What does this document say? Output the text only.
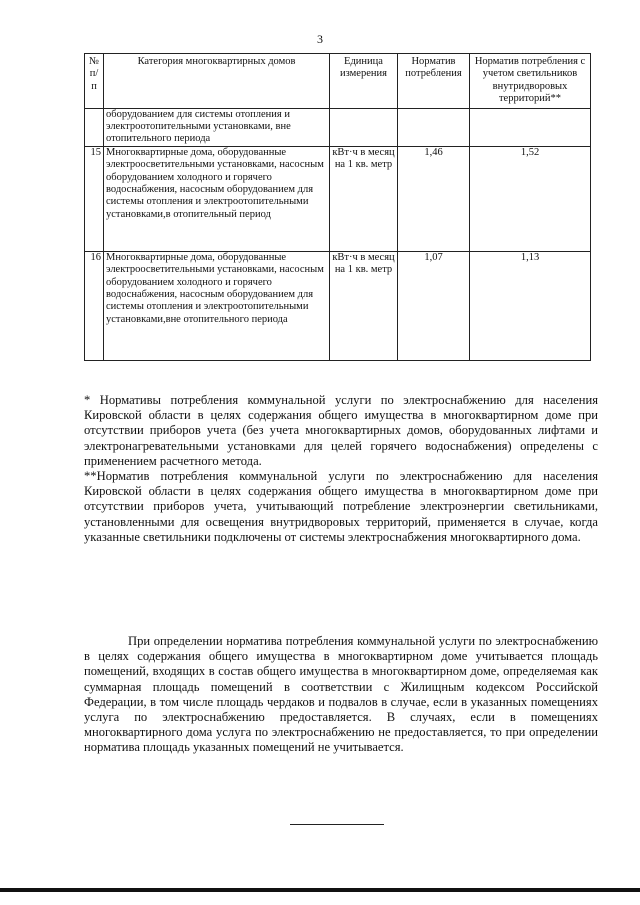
3
№ п/п	Категория многоквартирных домов	Единица измерения	Норматив потребления	Норматив потребления с учетом светильников внутридворовых территорий**
	оборудованием для системы отопления и электроотопительными установками, вне отопительного периода			
15	Многоквартирные дома, оборудованные электроосветительными установками, насосным оборудованием холодного и горячего водоснабжения, насосным оборудованием для системы отопления и электроотопительными установками,в отопительный период	кВт·ч в месяц на 1 кв. метр	1,46	1,52
16	Многоквартирные дома, оборудованные электроосветительными установками, насосным оборудованием холодного и горячего водоснабжения, насосным оборудованием для системы отопления и электроотопительными установками,вне отопительного периода	кВт·ч в месяц на 1 кв. метр	1,07	1,13

* Нормативы потребления коммунальной услуги по электроснабжению для населения Кировской области в целях содержания общего имущества в многоквартирном доме при отсутствии приборов учета (без учета многоквартирных домов, оборудованных лифтами и электронагревательными установками для целей горячего водоснабжения) определены с применением расчетного метода.

**Норматив потребления коммунальной услуги по электроснабжению для населения Кировской области в целях содержания общего имущества в многоквартирном доме при отсутствии приборов учета, учитывающий потребление электроэнергии светильниками, установленными для освещения внутридворовых территорий, применяется в случае, когда указанные светильники подключены от системы электроснабжения многоквартирного дома.

При определении норматива потребления коммунальной услуги по электроснабжению в целях содержания общего имущества в многоквартирном доме учитывается площадь помещений, входящих в состав общего имущества в многоквартирном доме, определяемая как суммарная площадь помещений в соответствии с Жилищным кодексом Российской Федерации, в том числе площадь чердаков и подвалов в случае, если в указанных помещениях услуга по электроснабжению предоставляется. В случаях, если в помещениях многоквартирного дома услуга по электроснабжению не предоставляется, то при определении норматива площадь указанных помещений не учитывается.
